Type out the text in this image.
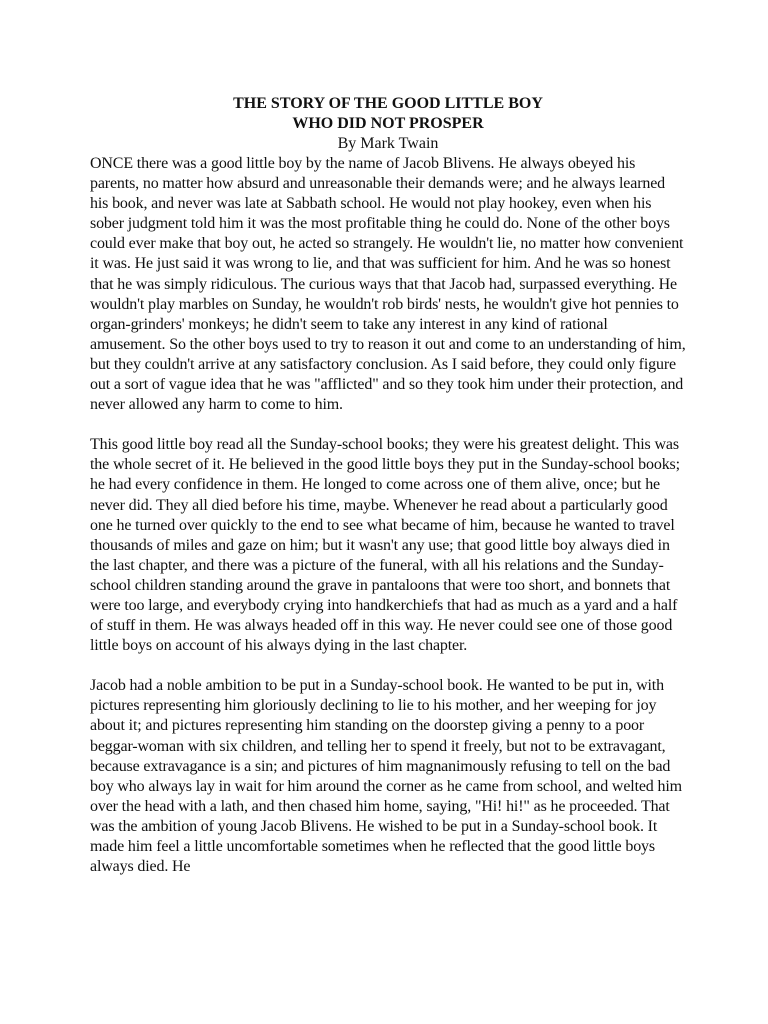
THE STORY OF THE GOOD LITTLE BOY
WHO DID NOT PROSPER
By Mark Twain

ONCE there was a good little boy by the name of Jacob Blivens. He always obeyed his parents, no matter how absurd and unreasonable their demands were; and he always learned his book, and never was late at Sabbath school. He would not play hookey, even when his sober judgment told him it was the most profitable thing he could do. None of the other boys could ever make that boy out, he acted so strangely. He wouldn't lie, no matter how convenient it was. He just said it was wrong to lie, and that was sufficient for him. And he was so honest that he was simply ridiculous. The curious ways that that Jacob had, surpassed everything. He wouldn't play marbles on Sunday, he wouldn't rob birds' nests, he wouldn't give hot pennies to organ-grinders' monkeys; he didn't seem to take any interest in any kind of rational amusement. So the other boys used to try to reason it out and come to an understanding of him, but they couldn't arrive at any satisfactory conclusion. As I said before, they could only figure out a sort of vague idea that he was "afflicted" and so they took him under their protection, and never allowed any harm to come to him.

This good little boy read all the Sunday-school books; they were his greatest delight. This was the whole secret of it. He believed in the good little boys they put in the Sunday-school books; he had every confidence in them. He longed to come across one of them alive, once; but he never did. They all died before his time, maybe. Whenever he read about a particularly good one he turned over quickly to the end to see what became of him, because he wanted to travel thousands of miles and gaze on him; but it wasn't any use; that good little boy always died in the last chapter, and there was a picture of the funeral, with all his relations and the Sunday-school children standing around the grave in pantaloons that were too short, and bonnets that were too large, and everybody crying into handkerchiefs that had as much as a yard and a half of stuff in them. He was always headed off in this way. He never could see one of those good little boys on account of his always dying in the last chapter.

Jacob had a noble ambition to be put in a Sunday-school book. He wanted to be put in, with pictures representing him gloriously declining to lie to his mother, and her weeping for joy about it; and pictures representing him standing on the doorstep giving a penny to a poor beggar-woman with six children, and telling her to spend it freely, but not to be extravagant, because extravagance is a sin; and pictures of him magnanimously refusing to tell on the bad boy who always lay in wait for him around the corner as he came from school, and welted him over the head with a lath, and then chased him home, saying, "Hi! hi!" as he proceeded. That was the ambition of young Jacob Blivens. He wished to be put in a Sunday-school book. It made him feel a little uncomfortable sometimes when he reflected that the good little boys always died. He
